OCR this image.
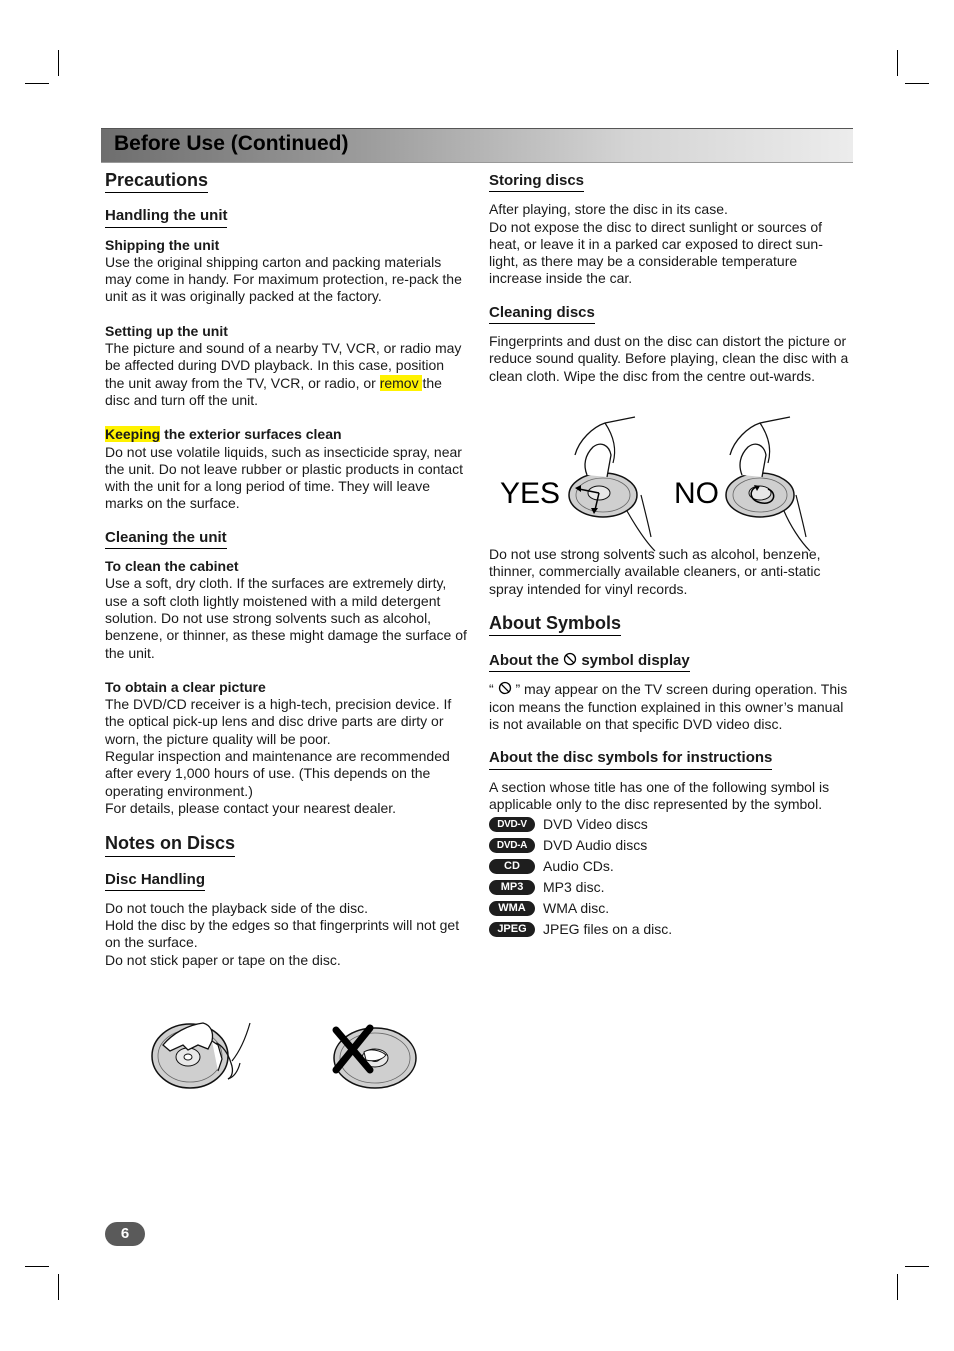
Before Use (Continued)
Precautions
Handling the unit
Shipping the unit

Use the original shipping carton and packing materials may come in handy. For maximum protection, re-pack the unit as it was originally packed at the factory.

Setting up the unit

The picture and sound of a nearby TV, VCR, or radio may be affected during DVD playback. In this case, position the unit away from the TV, VCR, or radio, or remov the disc and turn off the unit.

Keeping the exterior surfaces clean

Do not use volatile liquids, such as insecticide spray, near the unit. Do not leave rubber or plastic products in contact with the unit for a long period of time. They will leave marks on the surface.

Cleaning the unit
To clean the cabinet

Use a soft, dry cloth. If the surfaces are extremely dirty, use a soft cloth lightly moistened with a mild detergent solution. Do not use strong solvents such as alcohol, benzene, or thinner, as these might damage the surface of the unit.

To obtain a clear picture

The DVD/CD receiver is a high-tech, precision device. If the optical pick-up lens and disc drive parts are dirty or worn, the picture quality will be poor.

Regular inspection and maintenance are recommended after every 1,000 hours of use. (This depends on the operating environment.)

For details, please contact your nearest dealer.

Notes on Discs
Disc Handling

Do not touch the playback side of the disc.

Hold the disc by the edges so that fingerprints will not get on the surface.

Do not stick paper or tape on the disc.

Storing discs

After playing, store the disc in its case.

Do not expose the disc to direct sunlight or sources of heat, or leave it in a parked car exposed to direct sun-light, as there may be a considerable temperature increase inside the car.

Cleaning discs

Fingerprints and dust on the disc can distort the picture or reduce sound quality. Before playing, clean the disc with a clean cloth. Wipe the disc from the centre out-wards.

Do not use strong solvents such as alcohol, benzene, thinner, commercially available cleaners, or anti-static spray intended for vinyl records.

About Symbols
About the  symbol display

“  ” may appear on the TV screen during operation. This icon means the function explained in this owner’s manual is not available on that specific DVD video disc.

About the disc symbols for instructions

A section whose title has one of the following symbol is applicable only to the disc represented by the symbol.

DVD-V	DVD Video discs
DVD-A	DVD Audio discs
CD	Audio CDs.
MP3	MP3 disc.
WMA	WMA disc.
JPEG	JPEG files on a disc.
YES	NO
6
